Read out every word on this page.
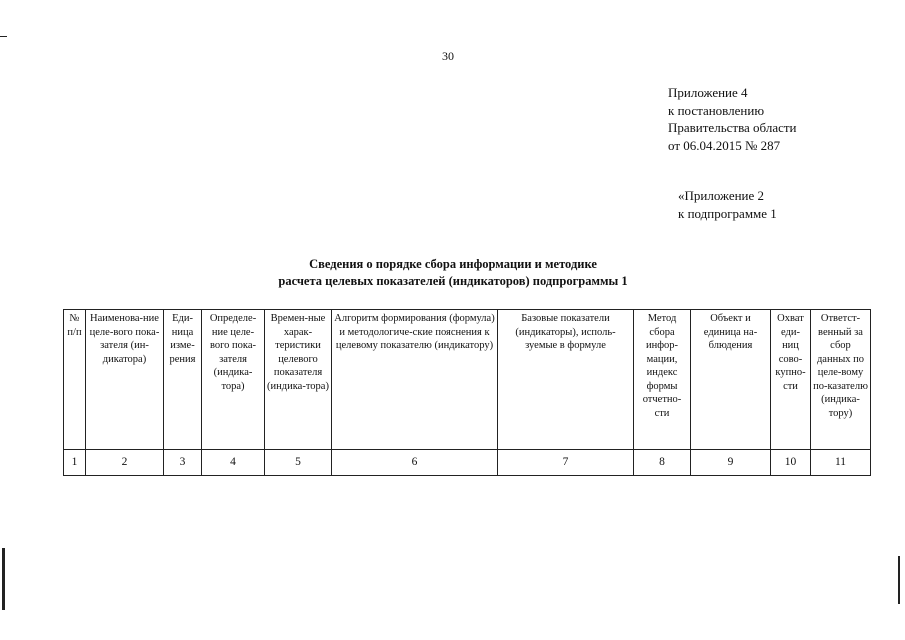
30
Приложение 4
к постановлению
Правительства области
от 06.04.2015 № 287
«Приложение 2
к подпрограмме 1
Сведения о порядке сбора информации и методике
расчета целевых показателей (индикаторов) подпрограммы 1
№ п/п	Наименова-ние целе-вого пока-зателя (ин-дикатора)	Еди-ница изме-рения	Определе-ние целе-вого пока-зателя (индика-тора)	Времен-ные харак-теристики целевого показателя (индика-тора)	Алгоритм формирования (формула) и методологиче-ские пояснения к целевому показателю (индикатору)	Базовые показатели (индикаторы), исполь-зуемые в формуле	Метод сбора инфор-мации, индекс формы отчетно-сти	Объект и единица на-блюдения	Охват еди-ниц сово-купно-сти	Ответст-венный за сбор данных по целе-вому по-казателю (индика-тору)
1	2	3	4	5	6	7	8	9	10	11
